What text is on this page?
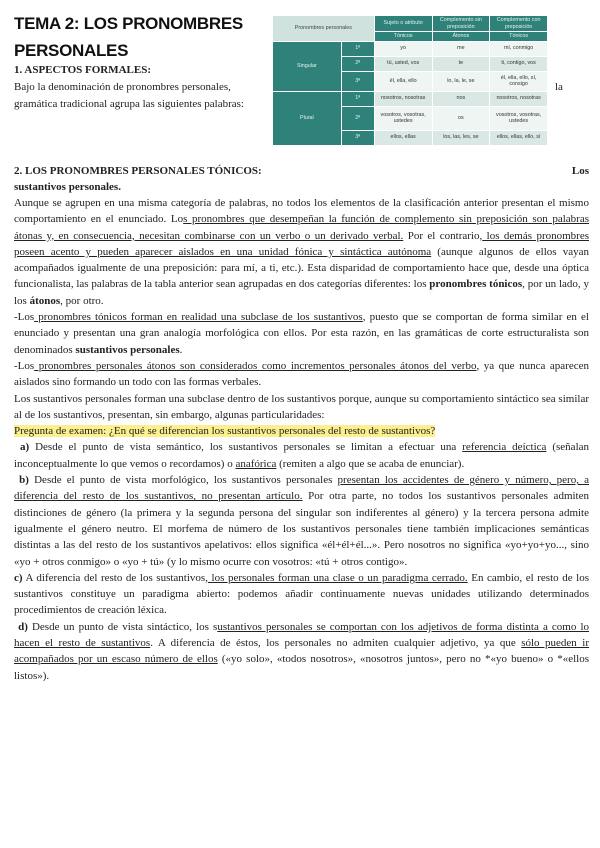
TEMA 2: LOS PRONOMBRES PERSONALES
1. ASPECTOS FORMALES:
Bajo la denominación de pronombres personales, gramática tradicional agrupa las siguientes palabras:
la
Pronombres personales		Sujeto o atributo	Complemento sin preposición	Complemento con preposición
		Tónicos	Átonos	Tónicos
Singular	1ª	yo	me	mí, conmigo
	2ª	tú, usted, vos	te	ti, contigo, vos
	3ª	él, ella, ello	lo, la, le, se	él, ella, ello, sí, consigo
Plural	1ª	nosotros, nosotras	nos	nosotros, nosotras
	2ª	vosotros, vosotras, ustedes	os	vosotros, vosotras, ustedes
	3ª	ellos, ellas	los, las, les, se	ellos, ellas, ello, sí
2. LOS PRONOMBRES PERSONALES TÓNICOS:	Los

sustantivos personales.

Aunque se agrupen en una misma categoría de palabras, no todos los elementos de la clasificación anterior presentan el mismo comportamiento en el enunciado. Los pronombres que desempeñan la función de complemento sin preposición son palabras átonas y, en consecuencia, necesitan combinarse con un verbo o un derivado verbal. Por el contrario, los demás pronombres poseen acento y pueden aparecer aislados en una unidad fónica y sintáctica autónoma (aunque algunos de ellos vayan acompañados igualmente de una preposición: para mí, a ti, etc.). Esta disparidad de comportamiento hace que, desde una óptica funcionalista, las palabras de la tabla anterior sean agrupadas en dos categorías diferentes: los pronombres tónicos, por un lado, y los átonos, por otro.

-Los pronombres tónicos forman en realidad una subclase de los sustantivos, puesto que se comportan de forma similar en el enunciado y presentan una gran analogía morfológica con ellos. Por esta razón, en las gramáticas de corte estructuralista son denominados sustantivos personales.

-Los pronombres personales átonos son considerados como incrementos personales átonos del verbo, ya que nunca aparecen aislados sino formando un todo con las formas verbales.

Los sustantivos personales forman una subclase dentro de los sustantivos porque, aunque su comportamiento sintáctico sea similar al de los sustantivos, presentan, sin embargo, algunas particularidades:

Pregunta de examen: ¿En qué se diferencian los sustantivos personales del resto de sustantivos?

a) Desde el punto de vista semántico, los sustantivos personales se limitan a efectuar una referencia deíctica (señalan inconceptualmente lo que vemos o recordamos) o anafórica (remiten a algo que se acaba de enunciar).

b) Desde el punto de vista morfológico, los sustantivos personales presentan los accidentes de género y número, pero, a diferencia del resto de los sustantivos, no presentan artículo. Por otra parte, no todos los sustantivos personales admiten distinciones de género (la primera y la segunda persona del singular son indiferentes al género) y la tercera persona admite igualmente el género neutro. El morfema de número de los sustantivos personales tiene también implicaciones semánticas distintas a las del resto de los sustantivos apelativos: ellos significa «él+él+él...». Pero nosotros no significa «yo+yo+yo..., sino «yo + otros conmigo» o «yo + tú» (y lo mismo ocurre con vosotros: «tú + otros contigo».

c) A diferencia del resto de los sustantivos, los personales forman una clase o un paradigma cerrado. En cambio, el resto de los sustantivos constituye un paradigma abierto: podemos añadir continuamente nuevas unidades utilizando determinados procedimientos de creación léxica.

d) Desde un punto de vista sintáctico, los sustantivos personales se comportan con los adjetivos de forma distinta a como lo hacen el resto de sustantivos. A diferencia de éstos, los personales no admiten cualquier adjetivo, ya que sólo pueden ir acompañados por un escaso número de ellos («yo solo», «todos nosotros», «nosotros juntos», pero no *«yo bueno» o *«ellos listos»).
